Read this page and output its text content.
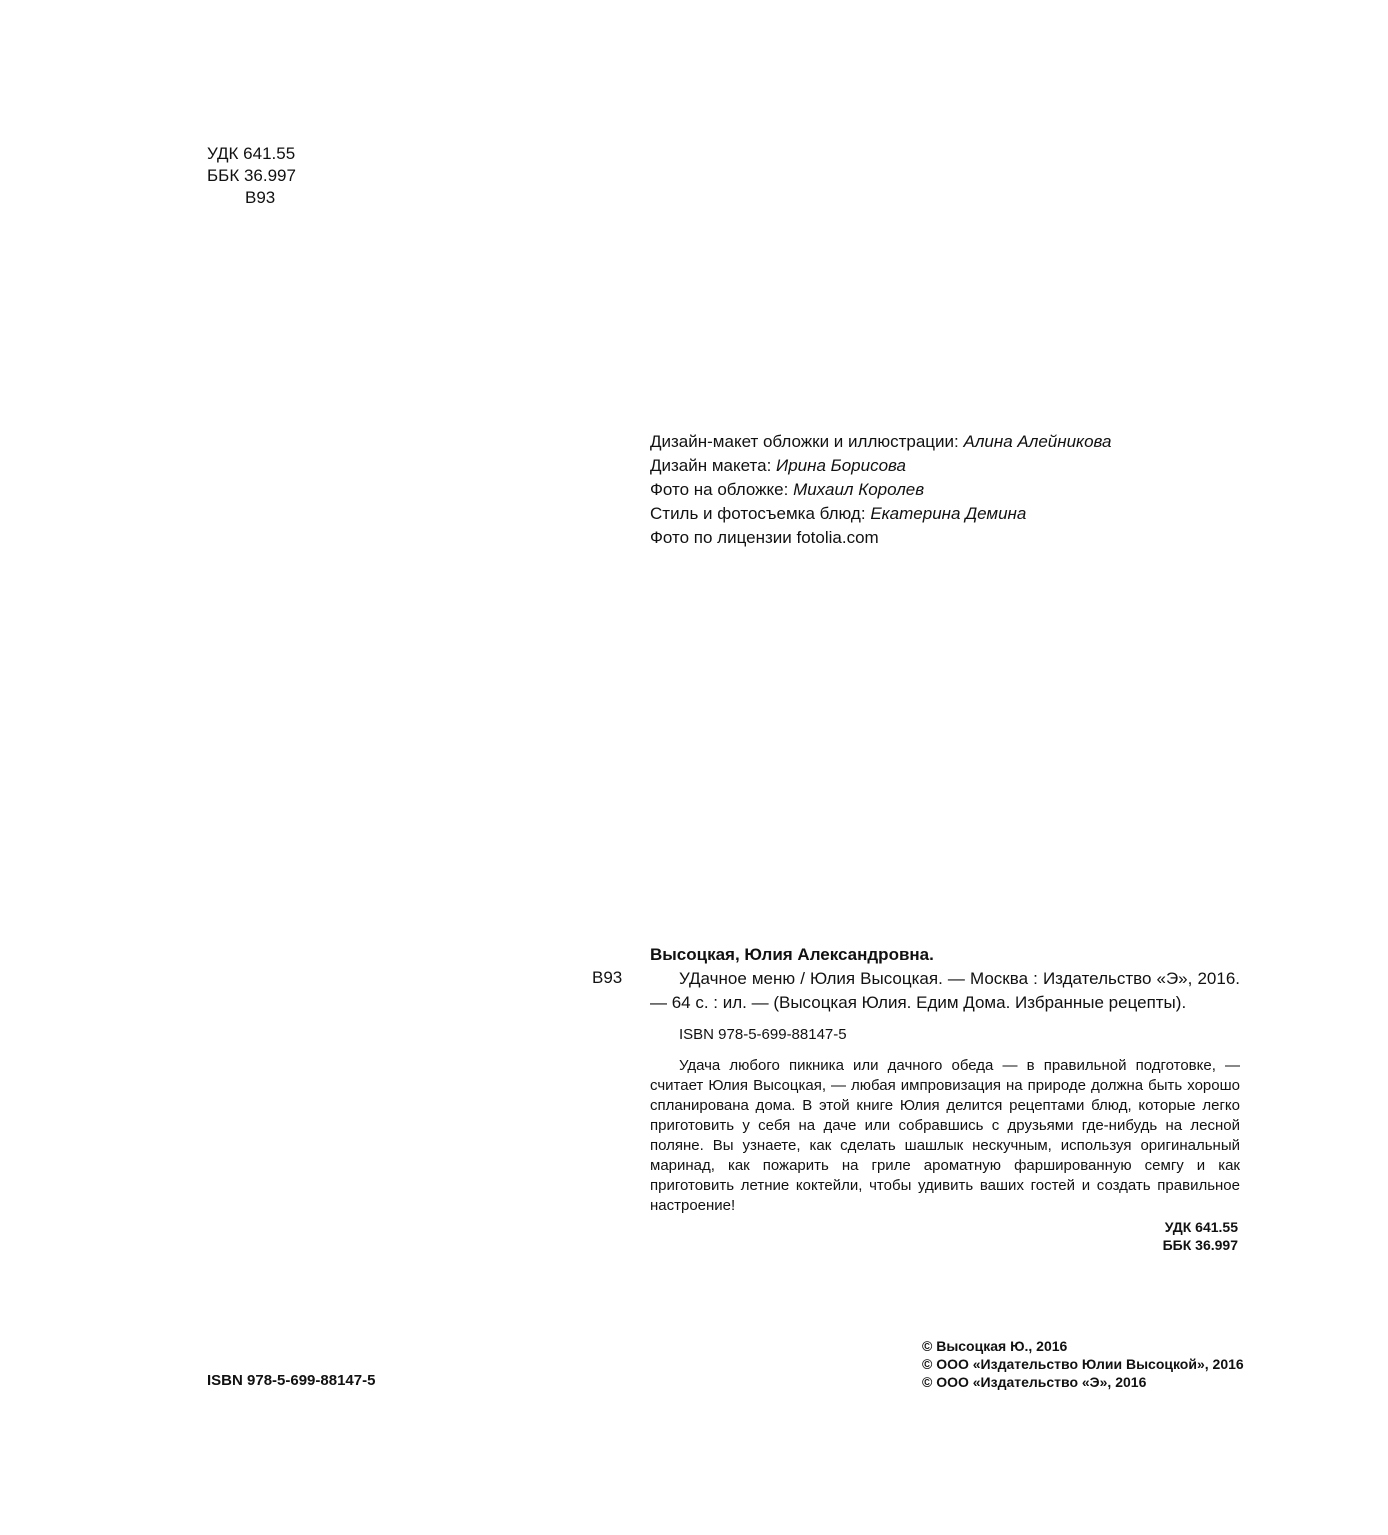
УДК 641.55
ББК 36.997
В93
Дизайн-макет обложки и иллюстрации: Алина Алейникова
Дизайн макета: Ирина Борисова
Фото на обложке: Михаил Королев
Стиль и фотосъемка блюд: Екатерина Демина
Фото по лицензии fotolia.com
В93
Высоцкая, Юлия Александровна.
УДачное меню / Юлия Высоцкая. — Москва : Издательство «Э», 2016. — 64 с. : ил. — (Высоцкая Юлия. Едим Дома. Избранные рецепты).
ISBN 978-5-699-88147-5
Удача любого пикника или дачного обеда — в правильной подготовке, — считает Юлия Высоцкая, — любая импровизация на природе должна быть хорошо спланирована дома. В этой книге Юлия делится рецептами блюд, которые легко приготовить у себя на даче или собравшись с друзьями где-нибудь на лесной поляне. Вы узнаете, как сделать шашлык нескучным, используя оригинальный маринад, как пожарить на гриле ароматную фаршированную семгу и как приготовить летние коктейли, чтобы удивить ваших гостей и создать правильное настроение!
УДК 641.55
ББК 36.997
ISBN 978-5-699-88147-5
© Высоцкая Ю., 2016
© ООО «Издательство Юлии Высоцкой», 2016
© ООО «Издательство «Э», 2016
